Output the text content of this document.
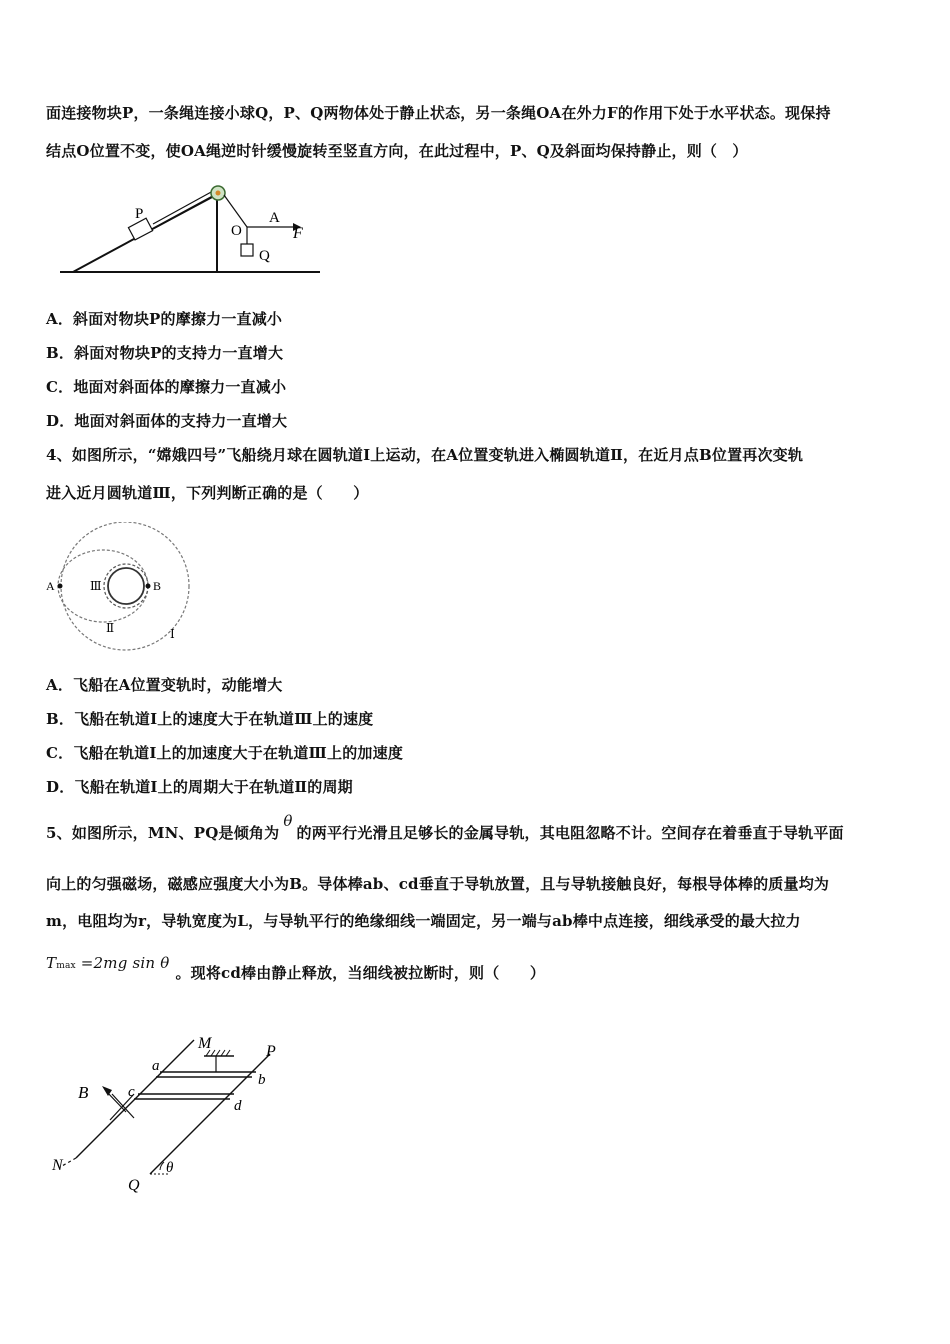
面连接物块P，一条绳连接小球Q，P、Q两物体处于静止状态，另一条绳OA在外力F的作用下处于水平状态。现保持
结点O位置不变，使OA绳逆时针缓慢旋转至竖直方向，在此过程中，P、Q及斜面均保持静止，则（　）
P
O
A
F
Q
A．斜面对物块P的摩擦力一直减小
B．斜面对物块P的支持力一直增大
C．地面对斜面体的摩擦力一直减小
D．地面对斜面体的支持力一直增大
4、如图所示，“嫦娥四号”飞船绕月球在圆轨道Ⅰ上运动，在A位置变轨进入椭圆轨道Ⅱ，在近月点B位置再次变轨
进入近月圆轨道Ⅲ，下列判断正确的是（　　）
A	B
Ⅲ
Ⅱ	Ⅰ
A．飞船在A位置变轨时，动能增大
B．飞船在轨道Ⅰ上的速度大于在轨道Ⅲ上的速度
C．飞船在轨道Ⅰ上的加速度大于在轨道Ⅲ上的加速度
D．飞船在轨道Ⅰ上的周期大于在轨道Ⅱ的周期
5、如图所示，MN、PQ是倾角为θ的两平行光滑且足够长的金属导轨，其电阻忽略不计。空间存在着垂直于导轨平面
向上的匀强磁场，磁感应强度大小为B。导体棒ab、cd垂直于导轨放置，且与导轨接触良好，每根导体棒的质量均为
m，电阻均为r，导轨宽度为L，与导轨平行的绝缘细线一端固定，另一端与ab棒中点连接，细线承受的最大拉力
Tmax =2mg sin θ。现将cd棒由静止释放，当细线被拉断时，则（　　）
M	P
a
b
c
d
B
N
Q
θ
